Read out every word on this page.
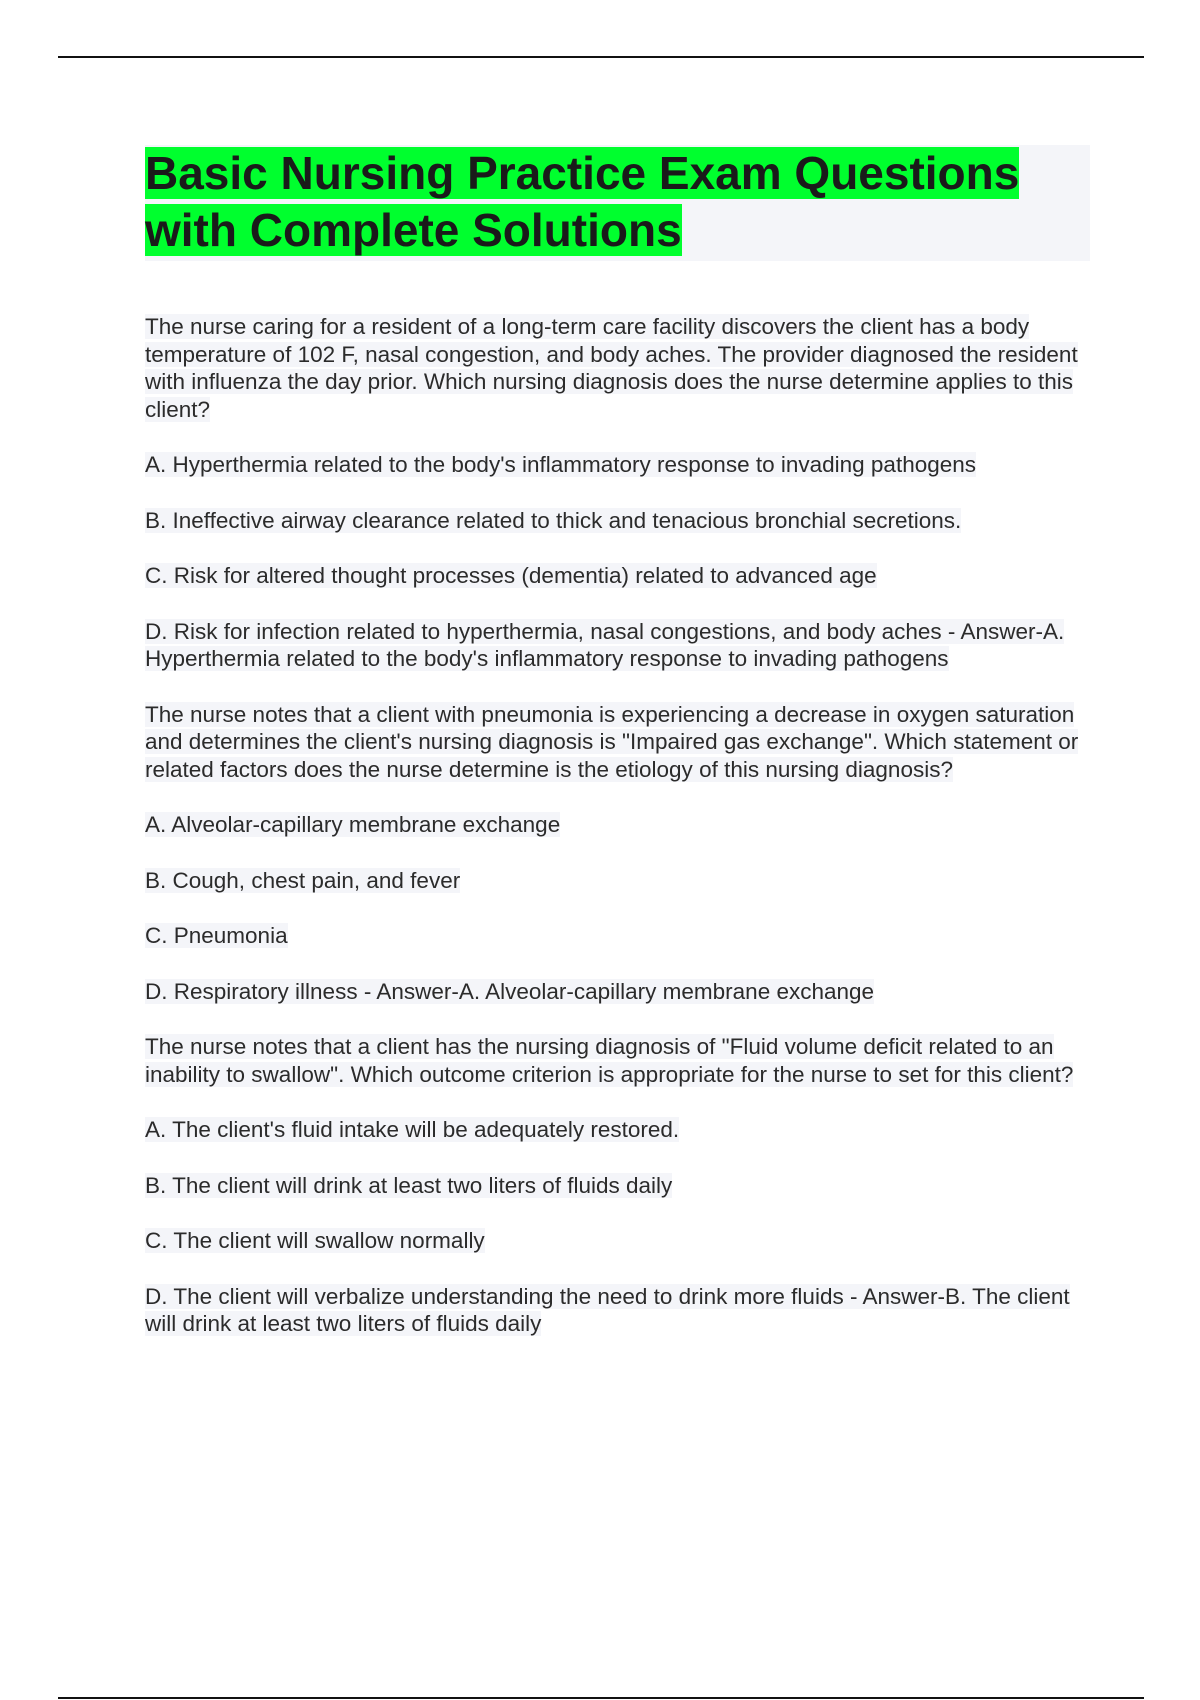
Basic Nursing Practice Exam Questions with Complete Solutions

The nurse caring for a resident of a long-term care facility discovers the client has a body temperature of 102 F, nasal congestion, and body aches. The provider diagnosed the resident with influenza the day prior. Which nursing diagnosis does the nurse determine applies to this client?

A. Hyperthermia related to the body's inflammatory response to invading pathogens

B. Ineffective airway clearance related to thick and tenacious bronchial secretions.

C. Risk for altered thought processes (dementia) related to advanced age

D. Risk for infection related to hyperthermia, nasal congestions, and body aches - Answer-A. Hyperthermia related to the body's inflammatory response to invading pathogens

The nurse notes that a client with pneumonia is experiencing a decrease in oxygen saturation and determines the client's nursing diagnosis is "Impaired gas exchange". Which statement or related factors does the nurse determine is the etiology of this nursing diagnosis?

A. Alveolar-capillary membrane exchange

B. Cough, chest pain, and fever

C. Pneumonia

D. Respiratory illness - Answer-A. Alveolar-capillary membrane exchange

The nurse notes that a client has the nursing diagnosis of "Fluid volume deficit related to an inability to swallow". Which outcome criterion is appropriate for the nurse to set for this client?

A. The client's fluid intake will be adequately restored.

B. The client will drink at least two liters of fluids daily

C. The client will swallow normally

D. The client will verbalize understanding the need to drink more fluids - Answer-B. The client will drink at least two liters of fluids daily
